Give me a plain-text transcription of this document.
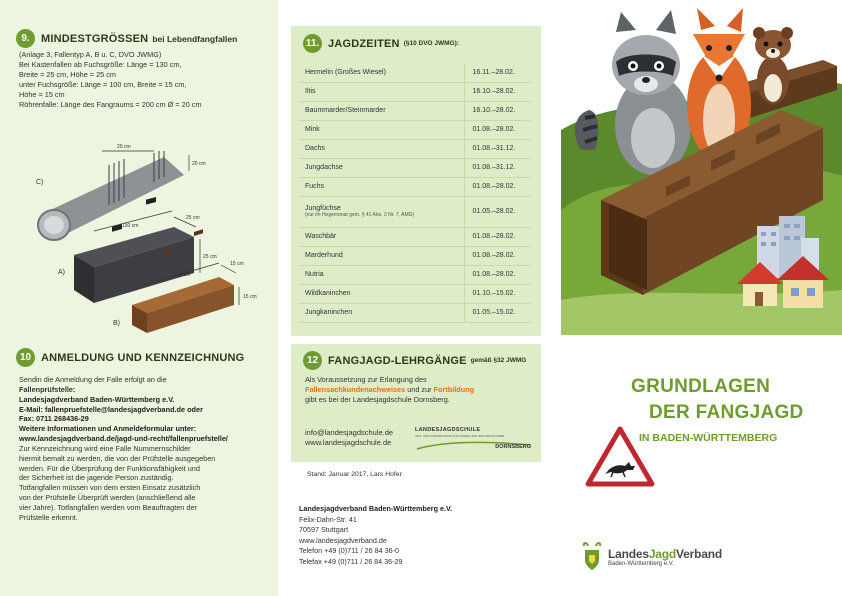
9.	MINDESTGRÖSSEN bei Lebendfangfallen
(Anlage 3, Fallentyp A, B u. C, DVO JWMG)
Bei Kastenfallen ab Fuchsgröße: Länge = 130 cm,
Breite = 25 cm, Höhe = 25 cm
unter Fuchsgröße: Länge = 100 cm, Breite = 15 cm,
Höhe = 15 cm
Röhrenfalle: Länge des Fangraums = 200 cm Ø = 20 cm
C)
20 cm
20 cm
130 cm
25 cm
25 cm
A)	100 cm
15 cm
15 cm
B)
10 ANMELDUNG UND KENNZEICHNUNG
Sendin die Anmeldung der Falle erfolgt an die
Fallenprüfstelle:
Landesjagdverband Baden-Württemberg e.V.
E-Mail: fallenpruefstelle@landesjagdverband.de oder
Fax: 0711 268436-29
Weitere Informationen und Anmeldeformular unter:
www.landesjagdverband.de/jagd-und-recht/fallenpruefstelle/
Zur Kennzeichnung wird eine Falle Nummernschilder
hiermit bemalt zu werden, die von der Prüfstelle ausgegeben
werden. Für die Überprüfung der Funktionsfähigkeit und
der Sicherheit ist die jagende Person zuständig.
Totfangfallen müssen von dem ersten Einsatz zusätzlich
von der Prüfstelle Überprüft werden (anschließend alle
vier Jahre). Totfangfallen werden vom Beauftragten der
Prüfstelle erkennt.
11. JAGDZEITEN (§10 DVO JWMG):
Hermelin (Großes Wiesel)	16.11.–28.02.
Iltis	16.10.–28.02.
Baummarder/Steinmarder	16.10.–28.02.
Mink	01.08.–28.02.
Dachs	01.08.–31.12.
Jungdachse	01.08.–31.12.
Fuchs	01.08.–28.02.
Jungfüchse
(nur im Hegemonat gem. § 41 Abs. 3 Nr. 7, AMG)	01.05.–28.02.
Waschbär	01.08.–28.02.
Marderhund	01.08.–28.02.
Nutria	01.08.–28.02.
Wildkaninchen	01.10.–15.02.
Jungkaninchen	01.05.–15.02.
12 FANGJAGD-LEHRGÄNGE gemäß §32 JWMG
Als Voraussetzung zur Erlangung des
Fallensachkundenachweises und zur Fortbildung
gibt es bei der Landesjagdschule Dornsberg.
info@landesjagdschule.de
www.landesjagdschule.de
LANDESJAGDSCHULE
AUS- UND FORTBILDUNG FÜR JÄGER UND NATURSCHÜTZER
DORNSBERG
Stand: Januar 2017, Lars Hofer
Landesjagdverband Baden-Württemberg e.V.
Felix-Dahn-Str. 41
70597 Stuttgart
www.landesjagdverband.de
Telefon +49 (0)711 / 26 84 36-0
Telefax +49 (0)711 / 26 84 36-29
GRUNDLAGEN
DER FANGJAGD
IN BADEN-WÜRTTEMBERG
LandesJagdVerband
Baden-Württemberg e.V.
